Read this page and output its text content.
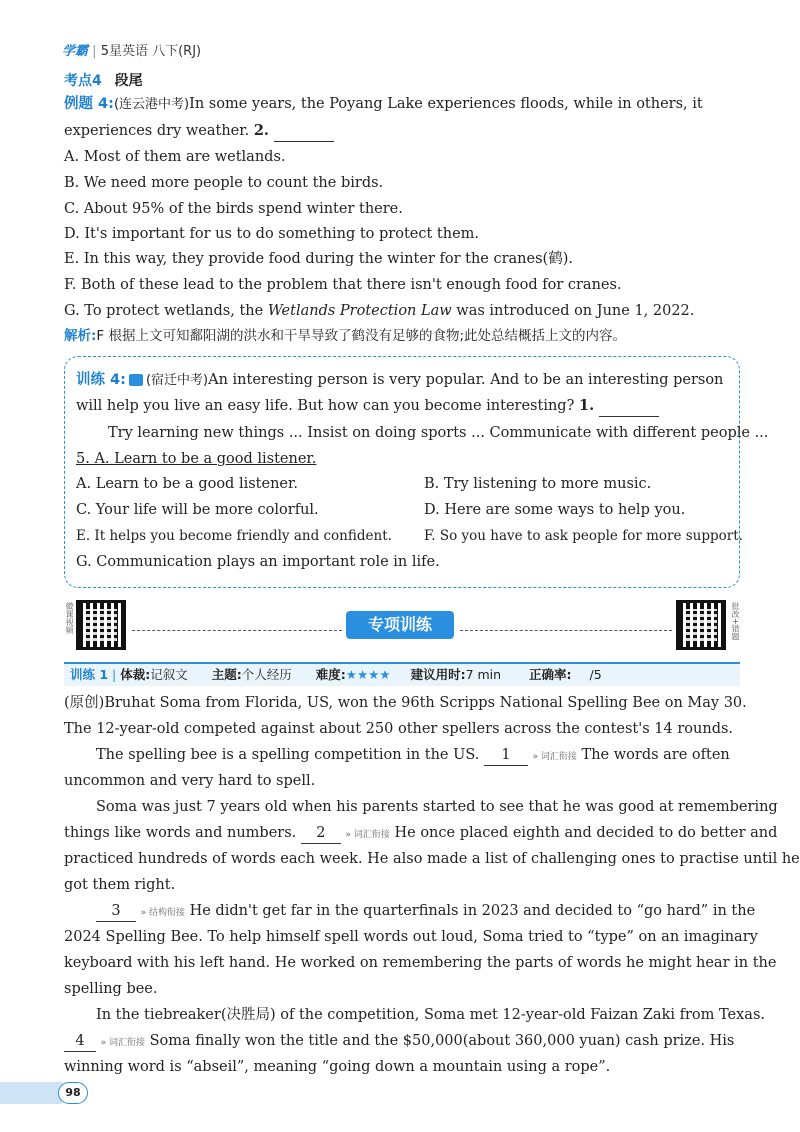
学霸 | 5星英语 八下(RJ)
考点4 段尾
例题 4:(连云港中考)In some years, the Poyang Lake experiences floods, while in others, it
experiences dry weather. 2.
A. Most of them are wetlands.
B. We need more people to count the birds.
C. About 95% of the birds spend winter there.
D. It's important for us to do something to protect them.
E. In this way, they provide food during the winter for the cranes(鹤).
F. Both of these lead to the problem that there isn't enough food for cranes.
G. To protect wetlands, the Wetlands Protection Law was introduced on June 1, 2022.
解析:F 根据上文可知鄱阳湖的洪水和干旱导致了鹤没有足够的食物;此处总结概括上文的内容。
训练 4: (宿迁中考)An interesting person is very popular. And to be an interesting person
will help you live an easy life. But how can you become interesting? 1.
Try learning new things ... Insist on doing sports ... Communicate with different people ...
5. A. Learn to be a good listener.
A. Learn to be a good listener.	B. Try listening to more music.
C. Your life will be more colorful.	D. Here are some ways to help you.
E. It helps you become friendly and confident. F. So you have to ask people for more support.
G. Communication plays an important role in life.
微课视频	批改+错题
专项训练
训练 1 | 体裁:记叙文 主题:个人经历 难度:★★★★ 建议用时:7 min 正确率: /5
(原创)Bruhat Soma from Florida, US, won the 96th Scripps National Spelling Bee on May 30.
The 12-year-old competed against about 250 other spellers across the contest's 14 rounds.
The spelling bee is a spelling competition in the US. 1 » 词汇衔接 The words are often
uncommon and very hard to spell.
Soma was just 7 years old when his parents started to see that he was good at remembering
things like words and numbers. 2 » 词汇衔接 He once placed eighth and decided to do better and
practiced hundreds of words each week. He also made a list of challenging ones to practise until he
got them right.
3 » 结构衔接 He didn't get far in the quarterfinals in 2023 and decided to “go hard” in the
2024 Spelling Bee. To help himself spell words out loud, Soma tried to “type” on an imaginary
keyboard with his left hand. He worked on remembering the parts of words he might hear in the
spelling bee.
In the tiebreaker(决胜局) of the competition, Soma met 12-year-old Faizan Zaki from Texas.
4 » 词汇衔接 Soma finally won the title and the $50,000(about 360,000 yuan) cash prize. His
winning word is “abseil”, meaning “going down a mountain using a rope”.
98
